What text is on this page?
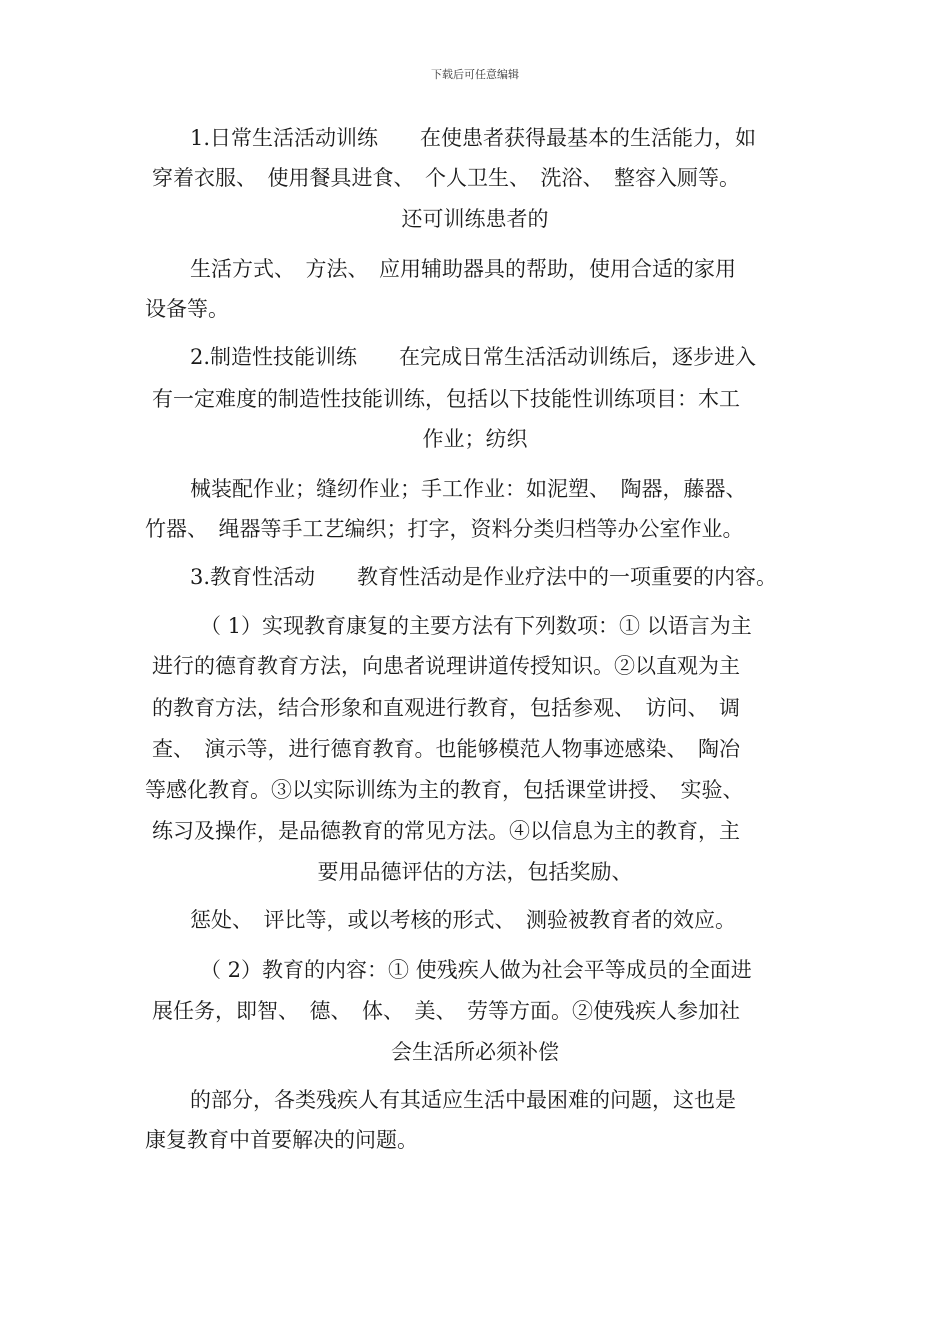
下载后可任意编辑
1.日常生活活动训练　　在使患者获得最基本的生活能力，如
穿着衣服、　使用餐具进食、　个人卫生、　洗浴、　整容入厕等。
还可训练患者的
生活方式、　方法、　应用辅助器具的帮助，使用合适的家用
设备等。
2.制造性技能训练　　在完成日常生活活动训练后，逐步进入
有一定难度的制造性技能训练，包括以下技能性训练项目：木工
作业；纺织
械装配作业；缝纫作业；手工作业：如泥塑、　陶器，藤器、
竹器、　绳器等手工艺编织；打字，资料分类归档等办公室作业。
3.教育性活动　　教育性活动是作业疗法中的一项重要的内容。
（ 1）实现教育康复的主要方法有下列数项：① 以语言为主
进行的德育教育方法，向患者说理讲道传授知识。②以直观为主
的教育方法，结合形象和直观进行教育，包括参观、　访问、　调
查、　演示等，进行德育教育。也能够模范人物事迹感染、　陶冶
等感化教育。③以实际训练为主的教育，包括课堂讲授、　实验、
练习及操作，是品德教育的常见方法。④以信息为主的教育，主
要用品德评估的方法，包括奖励、
惩处、　评比等，或以考核的形式、　测验被教育者的效应。
（ 2）教育的内容：① 使残疾人做为社会平等成员的全面进
展任务，即智、　德、　体、　美、　劳等方面。②使残疾人参加社
会生活所必须补偿
的部分，各类残疾人有其适应生活中最困难的问题，这也是
康复教育中首要解决的问题。
